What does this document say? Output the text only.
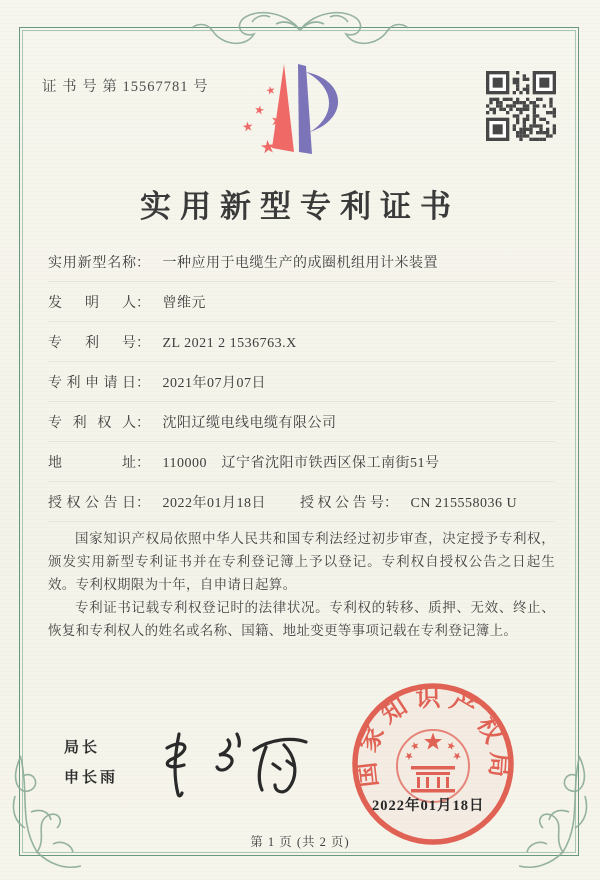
证 书 号 第 15567781 号	★
★
★ ★
★
实用新型专利证书
实用新型名称： 一种应用于电缆生产的成圈机组用计米装置
发明人： 曾维元
专利号： ZL 2021 2 1536763.X
专利申请日： 2021年07月07日
专利权人： 沈阳辽缆电线电缆有限公司
地址： 110000　辽宁省沈阳市铁西区保工南街51号
授权公告日： 2022年01月18日 授权公告号： CN 215558036 U

国家知识产权局依照中华人民共和国专利法经过初步审查，决定授予专利权，颁发实用新型专利证书并在专利登记簿上予以登记。专利权自授权公告之日起生效。专利权期限为十年，自申请日起算。

专利证书记载专利权登记时的法律状况。专利权的转移、质押、无效、终止、恢复和专利权人的姓名或名称、国籍、地址变更等事项记载在专利登记簿上。

局长
申长雨	国家知识产权局
2022年01月18日
第 1 页 (共 2 页)
